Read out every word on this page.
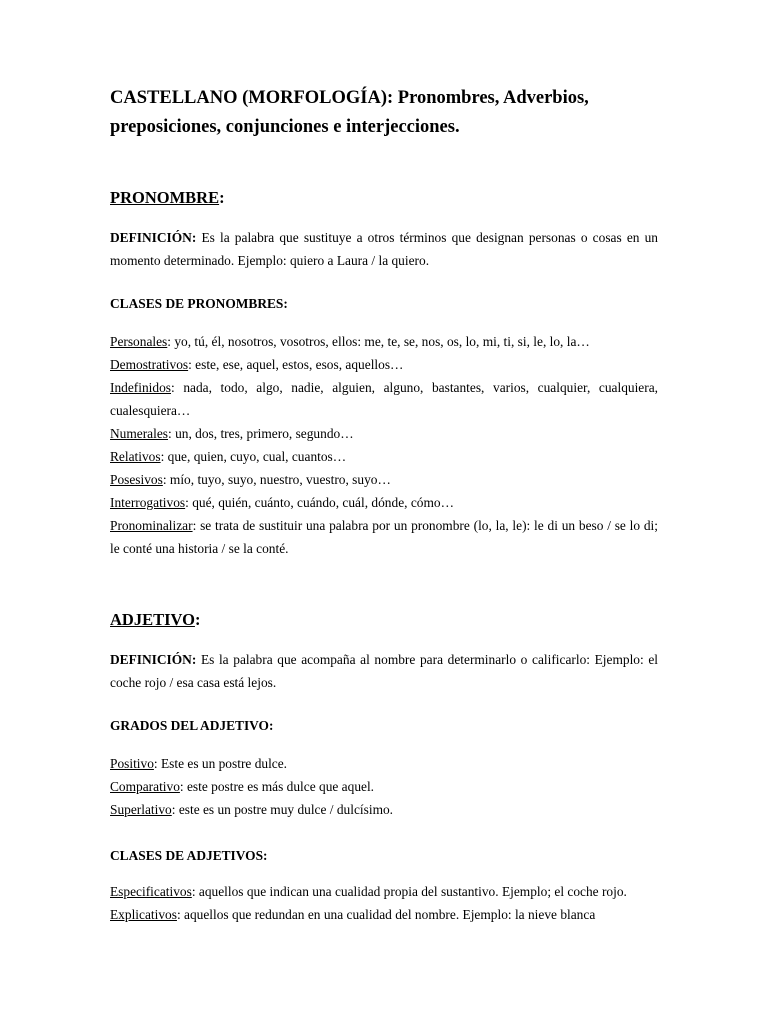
CASTELLANO (MORFOLOGÍA): Pronombres, Adverbios, preposiciones, conjunciones e interjecciones.
PRONOMBRE:

DEFINICIÓN: Es la palabra que sustituye a otros términos que designan personas o cosas en un momento determinado. Ejemplo: quiero a Laura / la quiero.

CLASES DE PRONOMBRES:
Personales: yo, tú, él, nosotros, vosotros, ellos: me, te, se, nos, os, lo, mi, ti, si, le, lo, la…
Demostrativos: este, ese, aquel, estos, esos, aquellos…
Indefinidos: nada, todo, algo, nadie, alguien, alguno, bastantes, varios, cualquier, cualquiera, cualesquiera…
Numerales: un, dos, tres, primero, segundo…
Relativos: que, quien, cuyo, cual, cuantos…
Posesivos: mío, tuyo, suyo, nuestro, vuestro, suyo…
Interrogativos: qué, quién, cuánto, cuándo, cuál, dónde, cómo…
Pronominalizar: se trata de sustituir una palabra por un pronombre (lo, la, le): le di un beso / se lo di; le conté una historia / se la conté.
ADJETIVO:

DEFINICIÓN: Es la palabra que acompaña al nombre para determinarlo o calificarlo: Ejemplo: el coche rojo / esa casa está lejos.

GRADOS DEL ADJETIVO:
Positivo: Este es un postre dulce.
Comparativo: este postre es más dulce que aquel.
Superlativo: este es un postre muy dulce / dulcísimo.
CLASES DE ADJETIVOS:
Especificativos: aquellos que indican una cualidad propia del sustantivo. Ejemplo; el coche rojo.
Explicativos: aquellos que redundan en una cualidad del nombre. Ejemplo: la nieve blanca
